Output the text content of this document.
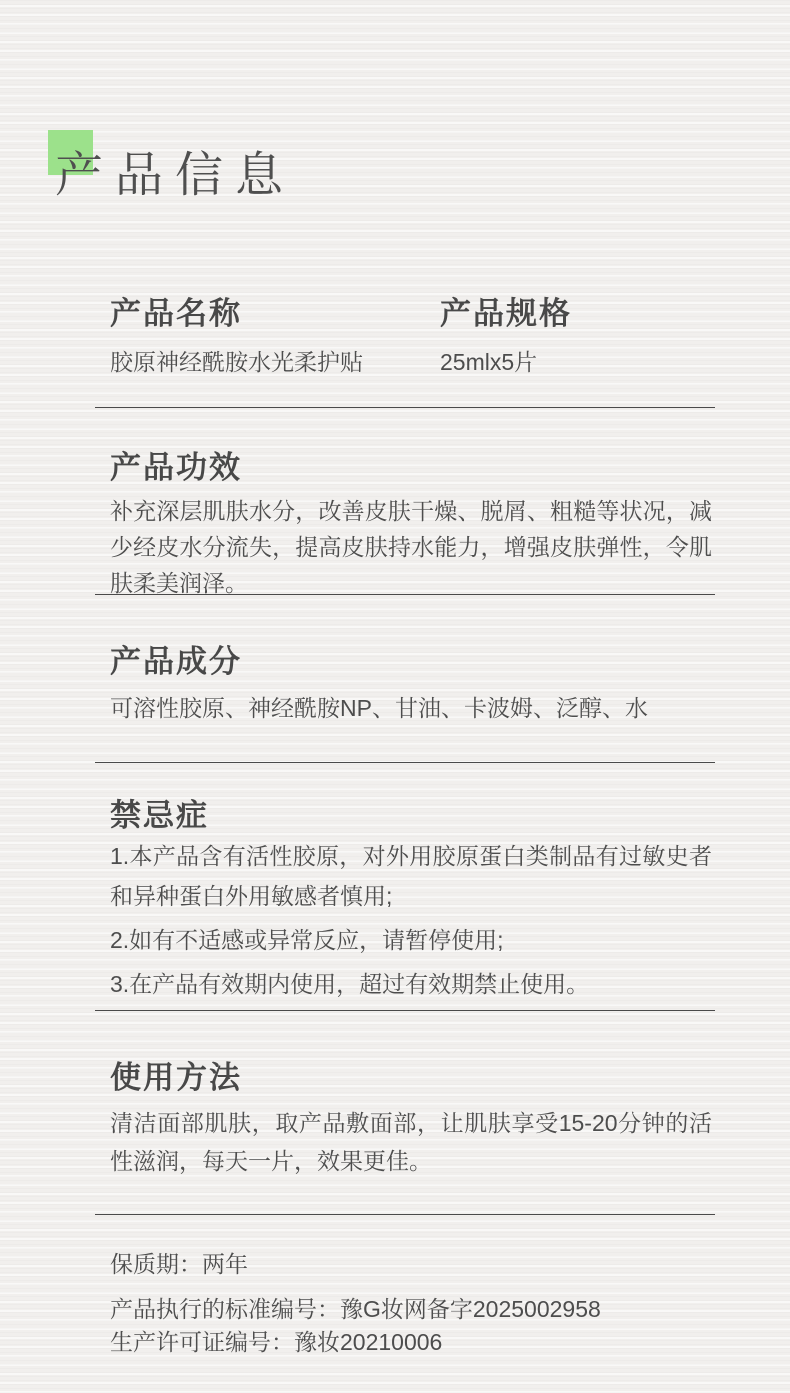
产品信息
产品名称	产品规格

胶原神经酰胺水光柔护贴	25mlx5片

产品功效

补充深层肌肤水分，改善皮肤干燥、脱屑、粗糙等状况，减少经皮水分流失，提高皮肤持水能力，增强皮肤弹性，令肌肤柔美润泽。

产品成分

可溶性胶原、神经酰胺NP、甘油、卡波姆、泛醇、水

禁忌症

1.本产品含有活性胶原，对外用胶原蛋白类制品有过敏史者和异种蛋白外用敏感者慎用;

2.如有不适感或异常反应，请暂停使用;

3.在产品有效期内使用，超过有效期禁止使用。

使用方法

清洁面部肌肤，取产品敷面部，让肌肤享受15-20分钟的活性滋润，每天一片，效果更佳。

保质期：两年

产品执行的标准编号：豫G妆网备字2025002958

生产许可证编号：豫妆20210006
